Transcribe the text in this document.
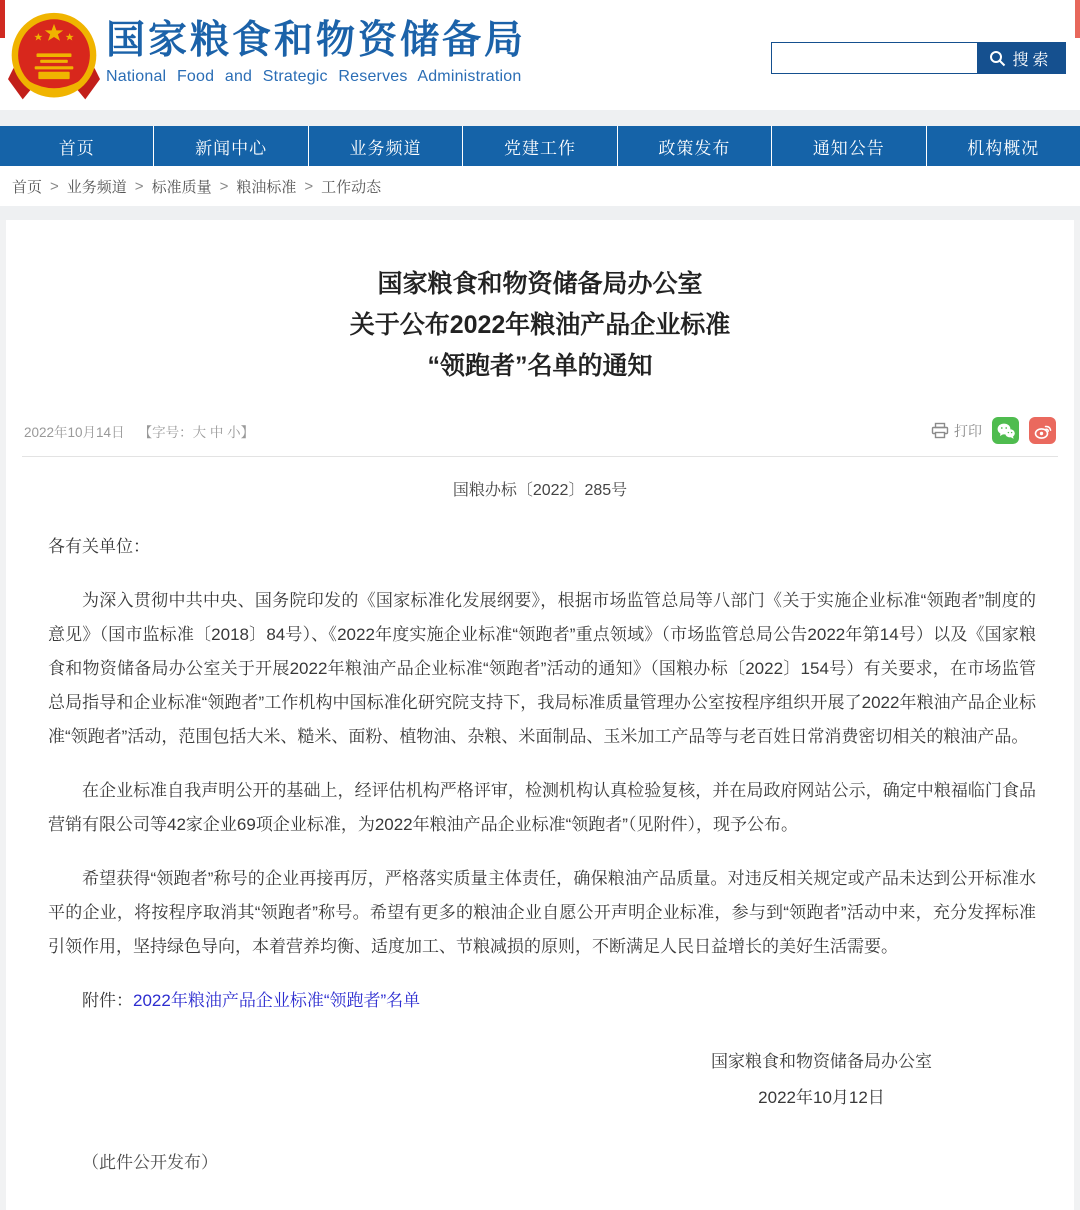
国家粮食和物资储备局
National Food and Strategic Reserves Administration
搜索
首页	新闻中心	业务频道	党建工作	政策发布	通知公告	机构概况
首页 > 业务频道 > 标准质量 > 粮油标准 > 工作动态
国家粮食和物资储备局办公室
关于公布2022年粮油产品企业标准
“领跑者”名单的通知
2022年10月14日 【字号：大 中 小】	打印
国粮办标〔2022〕285号

各有关单位：

为深入贯彻中共中央、国务院印发的《国家标准化发展纲要》，根据市场监管总局等八部门《关于实施企业标准“领跑者”制度的意见》（国市监标准〔2018〕84号）、《2022年度实施企业标准“领跑者”重点领域》（市场监管总局公告2022年第14号）以及《国家粮食和物资储备局办公室关于开展2022年粮油产品企业标准“领跑者”活动的通知》（国粮办标〔2022〕154号）有关要求，在市场监管总局指导和企业标准“领跑者”工作机构中国标准化研究院支持下，我局标准质量管理办公室按程序组织开展了2022年粮油产品企业标准“领跑者”活动，范围包括大米、糙米、面粉、植物油、杂粮、米面制品、玉米加工产品等与老百姓日常消费密切相关的粮油产品。

在企业标准自我声明公开的基础上，经评估机构严格评审，检测机构认真检验复核，并在局政府网站公示，确定中粮福临门食品营销有限公司等42家企业69项企业标准，为2022年粮油产品企业标准“领跑者”（见附件），现予公布。

希望获得“领跑者”称号的企业再接再厉，严格落实质量主体责任，确保粮油产品质量。对违反相关规定或产品未达到公开标准水平的企业，将按程序取消其“领跑者”称号。希望有更多的粮油企业自愿公开声明企业标准，参与到“领跑者”活动中来，充分发挥标准引领作用，坚持绿色导向，本着营养均衡、适度加工、节粮减损的原则，不断满足人民日益增长的美好生活需要。

附件：2022年粮油产品企业标准“领跑者”名单

国家粮食和物资储备局办公室
2022年10月12日

（此件公开发布）
